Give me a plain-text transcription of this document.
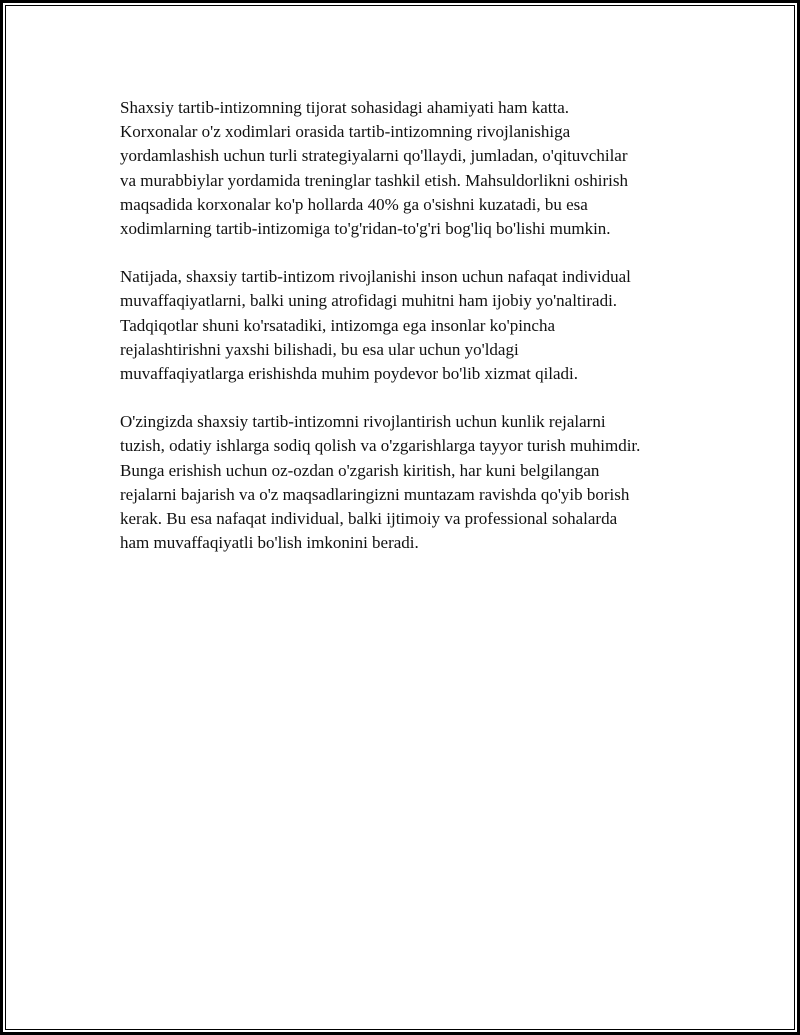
Shaxsiy tartib-intizomning tijorat sohasidagi ahamiyati ham katta.
Korxonalar o'z xodimlari orasida tartib-intizomning rivojlanishiga
yordamlashish uchun turli strategiyalarni qo'llaydi, jumladan, o'qituvchilar
va murabbiylar yordamida treninglar tashkil etish. Mahsuldorlikni oshirish
maqsadida korxonalar ko'p hollarda 40% ga o'sishni kuzatadi, bu esa
xodimlarning tartib-intizomiga to'g'ridan-to'g'ri bog'liq bo'lishi mumkin.

Natijada, shaxsiy tartib-intizom rivojlanishi inson uchun nafaqat individual
muvaffaqiyatlarni, balki uning atrofidagi muhitni ham ijobiy yo'naltiradi.
Tadqiqotlar shuni ko'rsatadiki, intizomga ega insonlar ko'pincha
rejalashtirishni yaxshi bilishadi, bu esa ular uchun yo'ldagi
muvaffaqiyatlarga erishishda muhim poydevor bo'lib xizmat qiladi.

O'zingizda shaxsiy tartib-intizomni rivojlantirish uchun kunlik rejalarni
tuzish, odatiy ishlarga sodiq qolish va o'zgarishlarga tayyor turish muhimdir.
Bunga erishish uchun oz-ozdan o'zgarish kiritish, har kuni belgilangan
rejalarni bajarish va o'z maqsadlaringizni muntazam ravishda qo'yib borish
kerak. Bu esa nafaqat individual, balki ijtimoiy va professional sohalarda
ham muvaffaqiyatli bo'lish imkonini beradi.
